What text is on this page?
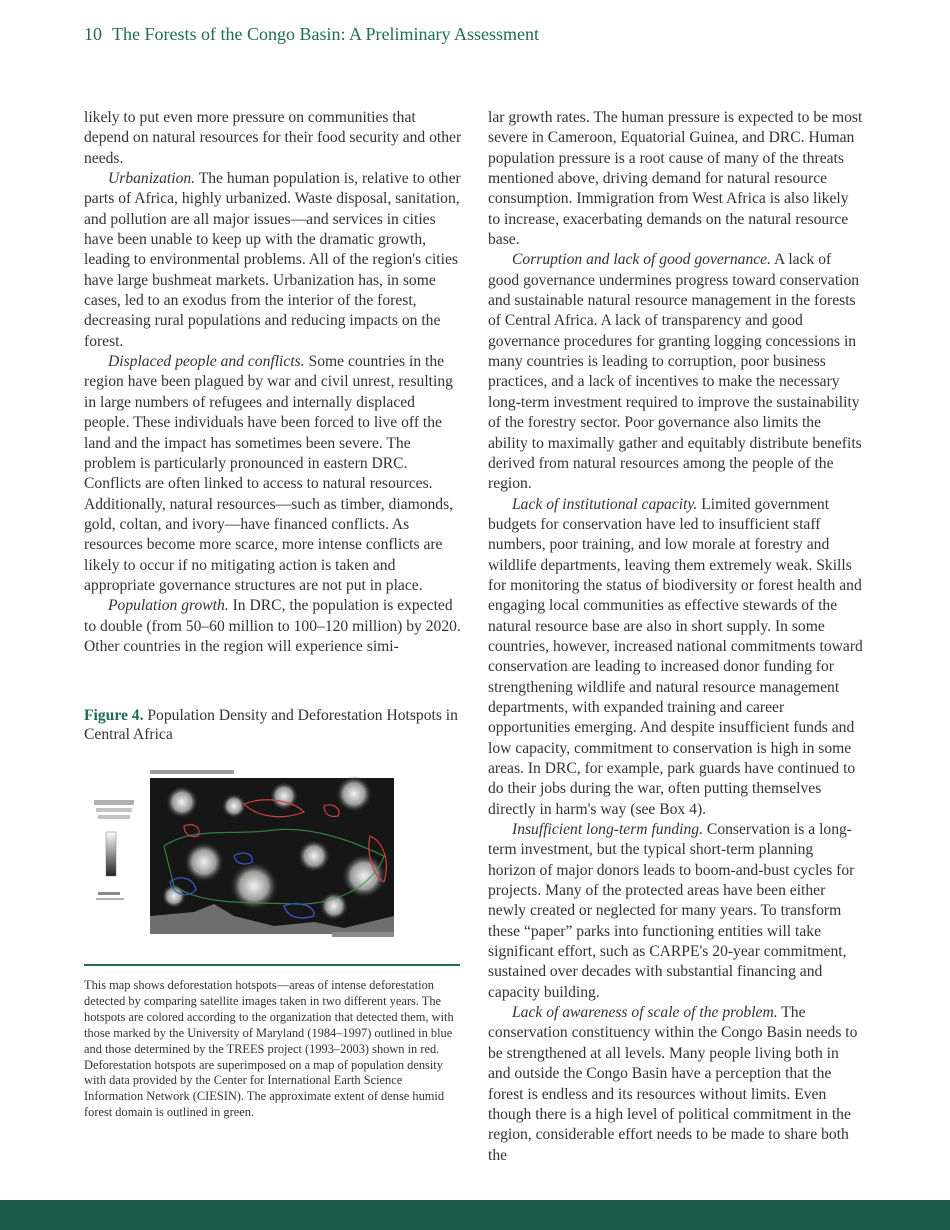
10 The Forests of the Congo Basin: A Preliminary Assessment

likely to put even more pressure on communities that depend on natural resources for their food security and other needs.

Urbanization. The human population is, relative to other parts of Africa, highly urbanized. Waste disposal, sanitation, and pollution are all major issues—and services in cities have been unable to keep up with the dramatic growth, leading to environmental problems. All of the region's cities have large bushmeat markets. Urbanization has, in some cases, led to an exodus from the interior of the forest, decreasing rural populations and reducing impacts on the forest.

Displaced people and conflicts. Some countries in the region have been plagued by war and civil unrest, resulting in large numbers of refugees and internally displaced people. These individuals have been forced to live off the land and the impact has sometimes been severe. The problem is particularly pronounced in eastern DRC. Conflicts are often linked to access to natural resources. Additionally, natural resources—such as timber, diamonds, gold, coltan, and ivory—have financed conflicts. As resources become more scarce, more intense conflicts are likely to occur if no mitigating action is taken and appropriate governance structures are not put in place.

Population growth. In DRC, the population is expected to double (from 50–60 million to 100–120 million) by 2020. Other countries in the region will experience simi-

Figure 4. Population Density and Deforestation Hotspots in Central Africa
This map shows deforestation hotspots—areas of intense deforestation detected by comparing satellite images taken in two different years. The hotspots are colored according to the organization that detected them, with those marked by the University of Maryland (1984–1997) outlined in blue and those determined by the TREES project (1993–2003) shown in red. Deforestation hotspots are superimposed on a map of population density with data provided by the Center for International Earth Science Information Network (CIESIN). The approximate extent of dense humid forest domain is outlined in green.

lar growth rates. The human pressure is expected to be most severe in Cameroon, Equatorial Guinea, and DRC. Human population pressure is a root cause of many of the threats mentioned above, driving demand for natural resource consumption. Immigration from West Africa is also likely to increase, exacerbating demands on the natural resource base.

Corruption and lack of good governance. A lack of good governance undermines progress toward conservation and sustainable natural resource management in the forests of Central Africa. A lack of transparency and good governance procedures for granting logging concessions in many countries is leading to corruption, poor business practices, and a lack of incentives to make the necessary long-term investment required to improve the sustainability of the forestry sector. Poor governance also limits the ability to maximally gather and equitably distribute benefits derived from natural resources among the people of the region.

Lack of institutional capacity. Limited government budgets for conservation have led to insufficient staff numbers, poor training, and low morale at forestry and wildlife departments, leaving them extremely weak. Skills for monitoring the status of biodiversity or forest health and engaging local communities as effective stewards of the natural resource base are also in short supply. In some countries, however, increased national commitments toward conservation are leading to increased donor funding for strengthening wildlife and natural resource management departments, with expanded training and career opportunities emerging. And despite insufficient funds and low capacity, commitment to conservation is high in some areas. In DRC, for example, park guards have continued to do their jobs during the war, often putting themselves directly in harm's way (see Box 4).

Insufficient long-term funding. Conservation is a long-term investment, but the typical short-term planning horizon of major donors leads to boom-and-bust cycles for projects. Many of the protected areas have been either newly created or neglected for many years. To transform these “paper” parks into functioning entities will take significant effort, such as CARPE's 20-year commitment, sustained over decades with substantial financing and capacity building.

Lack of awareness of scale of the problem. The conservation constituency within the Congo Basin needs to be strengthened at all levels. Many people living both in and outside the Congo Basin have a perception that the forest is endless and its resources without limits. Even though there is a high level of political commitment in the region, considerable effort needs to be made to share both the
